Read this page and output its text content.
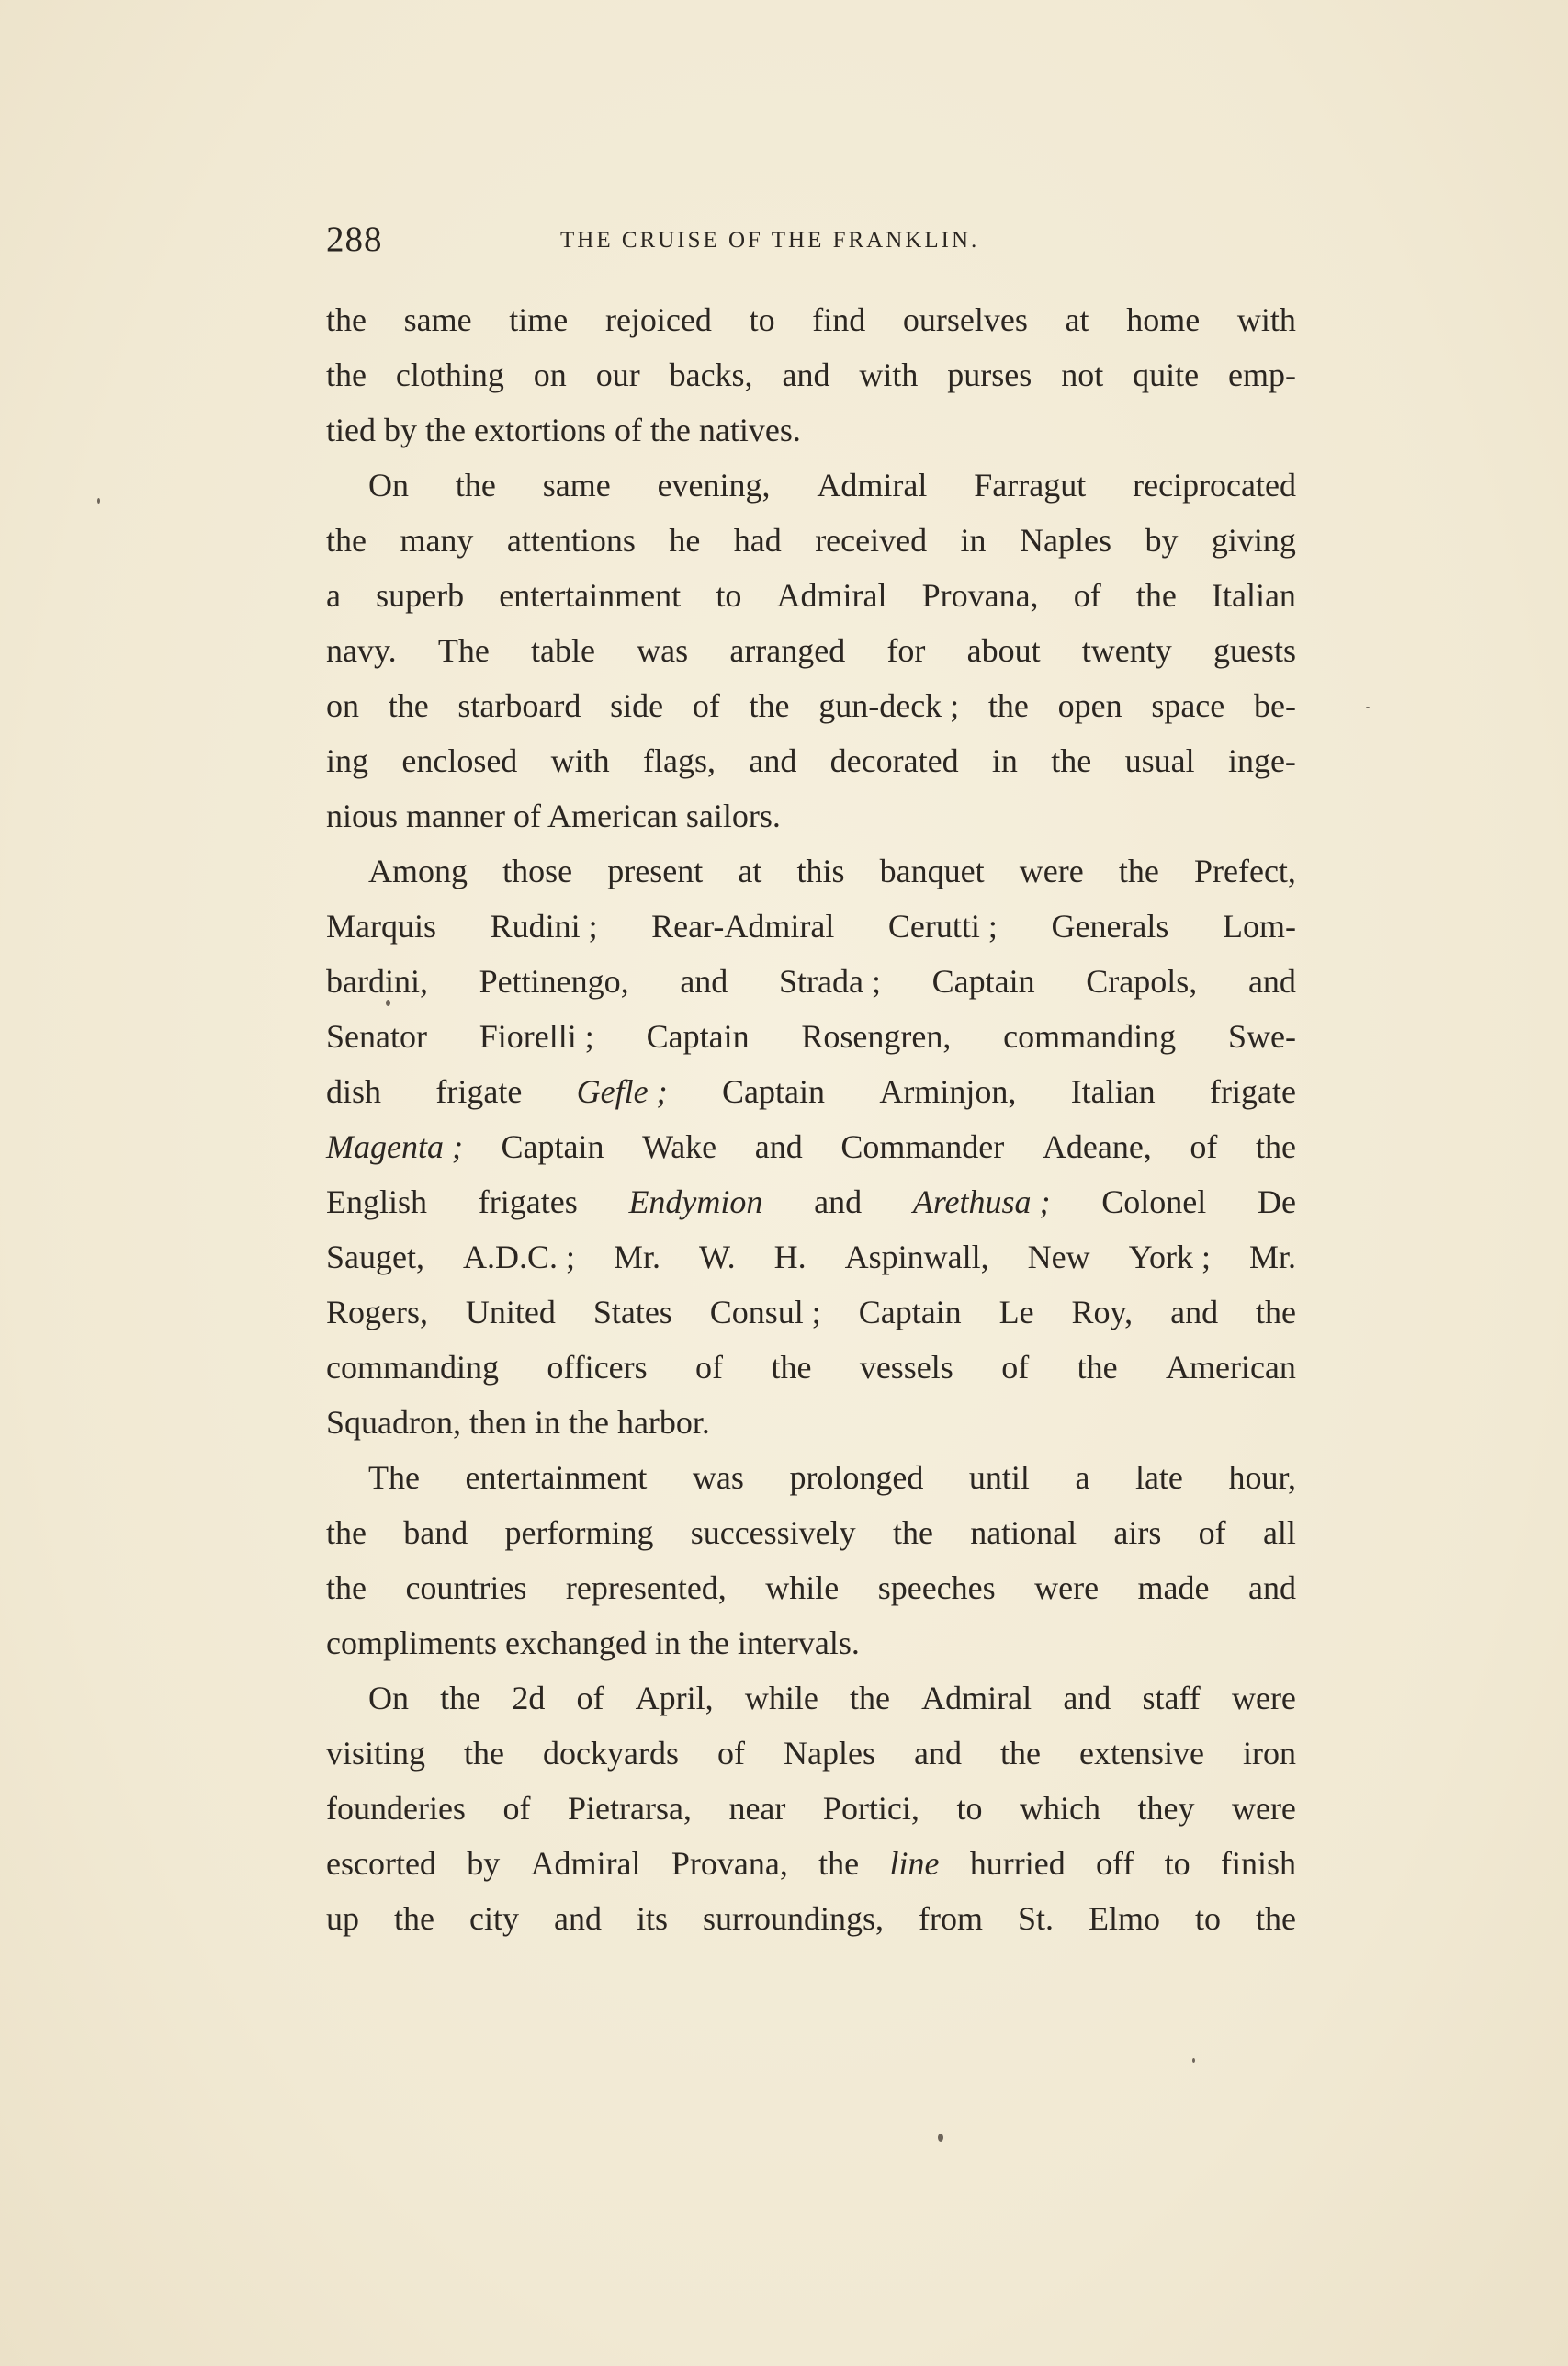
288	THE CRUISE OF THE FRANKLIN.
the same time rejoiced to find ourselves at home with
the clothing on our backs, and with purses not quite emp-
tied by the extortions of the natives.
On the same evening, Admiral Farragut reciprocated
the many attentions he had received in Naples by giving
a superb entertainment to Admiral Provana, of the Italian
navy. The table was arranged for about twenty guests
on the starboard side of the gun-deck ; the open space be-
ing enclosed with flags, and decorated in the usual inge-
nious manner of American sailors.
Among those present at this banquet were the Prefect,
Marquis Rudini ; Rear-Admiral Cerutti ; Generals Lom-
bardini, Pettinengo, and Strada ; Captain Crapols, and
Senator Fiorelli ; Captain Rosengren, commanding Swe-
dish frigate Gefle ; Captain Arminjon, Italian frigate
Magenta ; Captain Wake and Commander Adeane, of the
English frigates Endymion and Arethusa ; Colonel De
Sauget, A.D.C. ; Mr. W. H. Aspinwall, New York ; Mr.
Rogers, United States Consul ; Captain Le Roy, and the
commanding officers of the vessels of the American
Squadron, then in the harbor.
The entertainment was prolonged until a late hour,
the band performing successively the national airs of all
the countries represented, while speeches were made and
compliments exchanged in the intervals.
On the 2d of April, while the Admiral and staff were
visiting the dockyards of Naples and the extensive iron
founderies of Pietrarsa, near Portici, to which they were
escorted by Admiral Provana, the line hurried off to finish
up the city and its surroundings, from St. Elmo to the
